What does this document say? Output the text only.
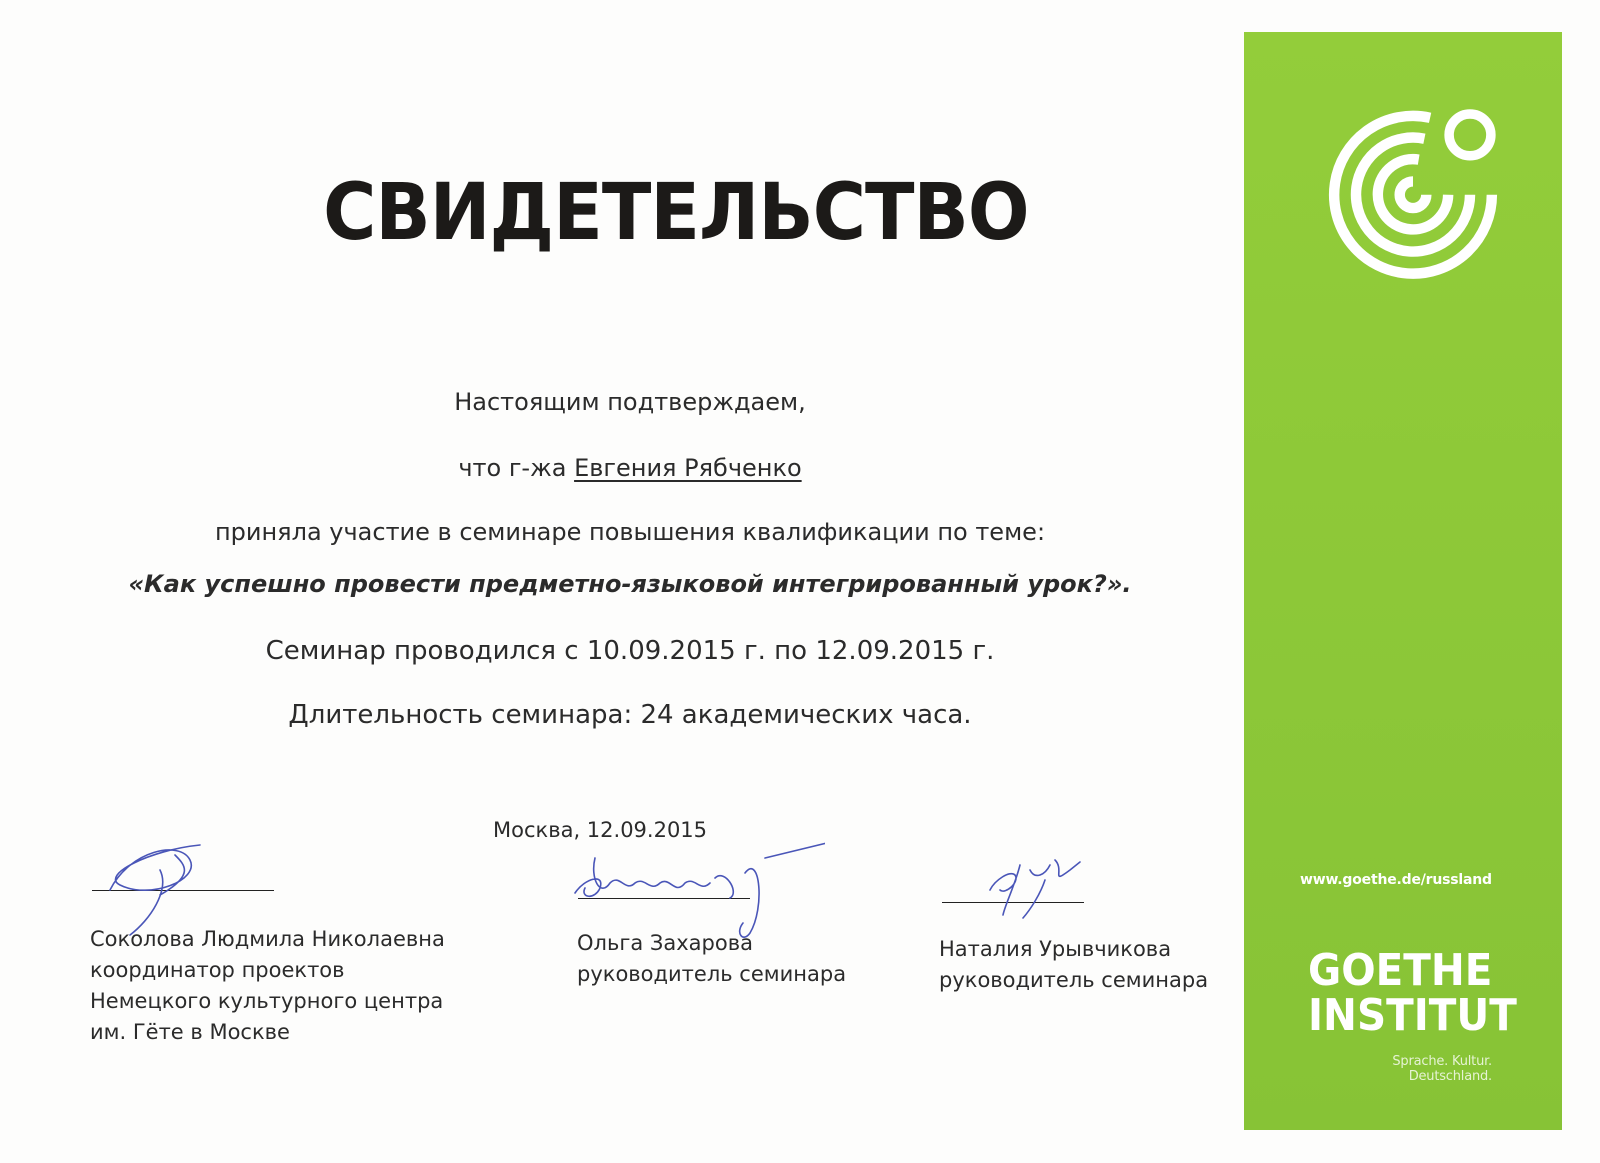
СВИДЕТЕЛЬСТВО
Настоящим подтверждаем,
что г-жа Евгения Рябченко
приняла участие в семинаре повышения квалификации по теме:
«Как успешно провести предметно-языковой интегрированный урок?».
Семинар проводился с 10.09.2015 г. по 12.09.2015 г.
Длительность семинара: 24 академических часа.
Москва, 12.09.2015
Соколова Людмила Николаевна
координатор проектов
Немецкого культурного центра
им. Гёте в Москве
Ольга Захарова
руководитель семинара
Наталия Урывчикова
руководитель семинара
www.goethe.de/russland
GOETHE
INSTITUT
Sprache. Kultur. Deutschland.
